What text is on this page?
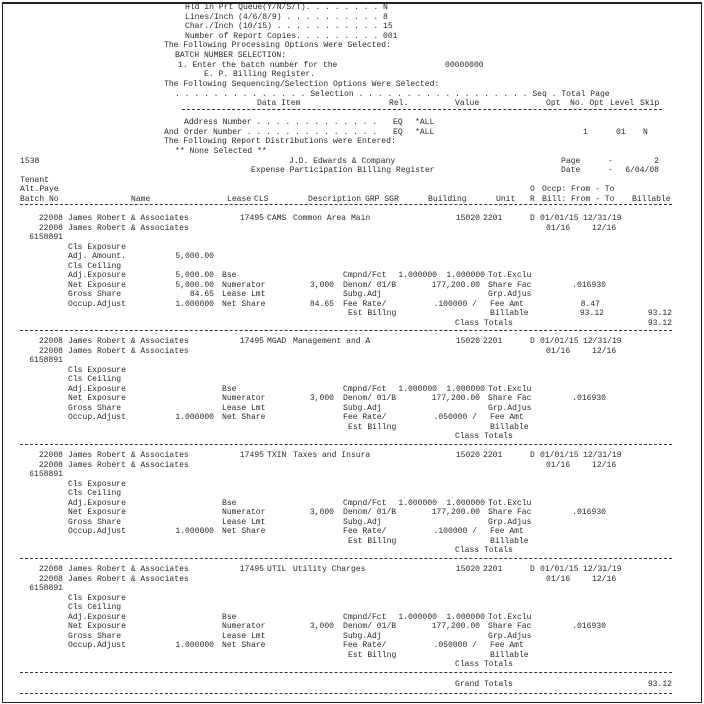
Hld in Prt Queue(Y/N/S/T). . . . . . . . N
Lines/Inch (4/6/8/9) . . . . . . . . . . 8
Char./Inch (10/15) . . . . . . . . . . . 15
Number of Report Copies. . . . . . . . . 001
The Following Processing Options Were Selected:
BATCH NUMBER SELECTION:
1. Enter the batch number for the	00000000
E. P. Billing Register.
The Following Sequencing/Selection Options Were Selected:
. . . . . . . . . . . . . . Selection . . . . . . . . . . . . . . . . . . Seq . Total Page
Data Item	Rel.	Value	Opt No. Opt Level Skip
Address Number . . . . . . . . . . . . . EQ *ALL
And Order Number . . . . . . . . . . . . . . EQ *ALL	1	01 N
The Following Report Distributions were Entered:
** None Selected **
1538	J.D. Edwards & Company	Page	-	2
Expense Participation Billing Register	Date	- 6/04/08
Tenant
Alt.Paye	O Occp: From - To
Batch No	Name	Lease CLS	Description GRP SGR	Building	Unit R Bill: From - To Billable
22008 James Robert & Associates	17495 CAMS Common Area Main	15020 2201	D 01/01/15 12/31/19
22008 James Robert & Associates	01/16	12/16
6158891
Cls Exposure
Adj. Amount.	5,000.00
Cls Ceiling
Adj.Exposure	5,000.00 Bse	Cmpnd/Fct 1.000000 1.000000 Tot.Exclu
Net Exposure	5,000.00 Numerator	3,000 Denom/ 01/B	177,200.00 Share Fac	.016930
Gross Share	84.65 Lease Lmt	Subg.Adj	Grp.Adjus
Occup.Adjust	1.000000 Net Share	84.65 Fee Rate/	.100000 / Fee Amt	8.47
Est Billng	Billable	93.12	93.12
Class Totals	93.12
22008 James Robert & Associates	17495 MGAD Management and A	15020 2201	D 01/01/15 12/31/19
22008 James Robert & Associates	01/16	12/16
6158891
Cls Exposure
Cls Ceiling
Adj.Exposure	Bse	Cmpnd/Fct 1.000000 1.000000 Tot.Exclu
Net Exposure	Numerator	3,000 Denom/ 01/B	177,200.00 Share Fac	.016930
Gross Share	Lease Lmt	Subg.Adj	Grp.Adjus
Occup.Adjust	1.000000 Net Share	Fee Rate/	.050000 / Fee Amt
Est Billng	Billable
Class Totals
22008 James Robert & Associates	17495 TXIN Taxes and Insura	15020 2201	D 01/01/15 12/31/19
22008 James Robert & Associates	01/16	12/16
6158891
Cls Exposure
Cls Ceiling
Adj.Exposure	Bse	Cmpnd/Fct 1.000000 1.000000 Tot.Exclu
Net Exposure	Numerator	3,000 Denom/ 01/B	177,200.00 Share Fac	.016930
Gross Share	Lease Lmt	Subg.Adj	Grp.Adjus
Occup.Adjust	1.000000 Net Share	Fee Rate/	.100000 / Fee Amt
Est Billng	Billable
Class Totals
22008 James Robert & Associates	17495 UTIL Utility Charges	15020 2201	D 01/01/15 12/31/19
22008 James Robert & Associates	01/16	12/16
6158891
Cls Exposure
Cls Ceiling
Adj.Exposure	Bse	Cmpnd/Fct 1.000000 1.000000 Tot.Exclu
Net Exposure	Numerator	3,000 Denom/ 01/B	177,200.00 Share Fac	.016930
Gross Share	Lease Lmt	Subg.Adj	Grp.Adjus
Occup.Adjust	1.000000 Net Share	Fee Rate/	.050000 / Fee Amt
Est Billng	Billable
Class Totals
Grand Totals	93.12
